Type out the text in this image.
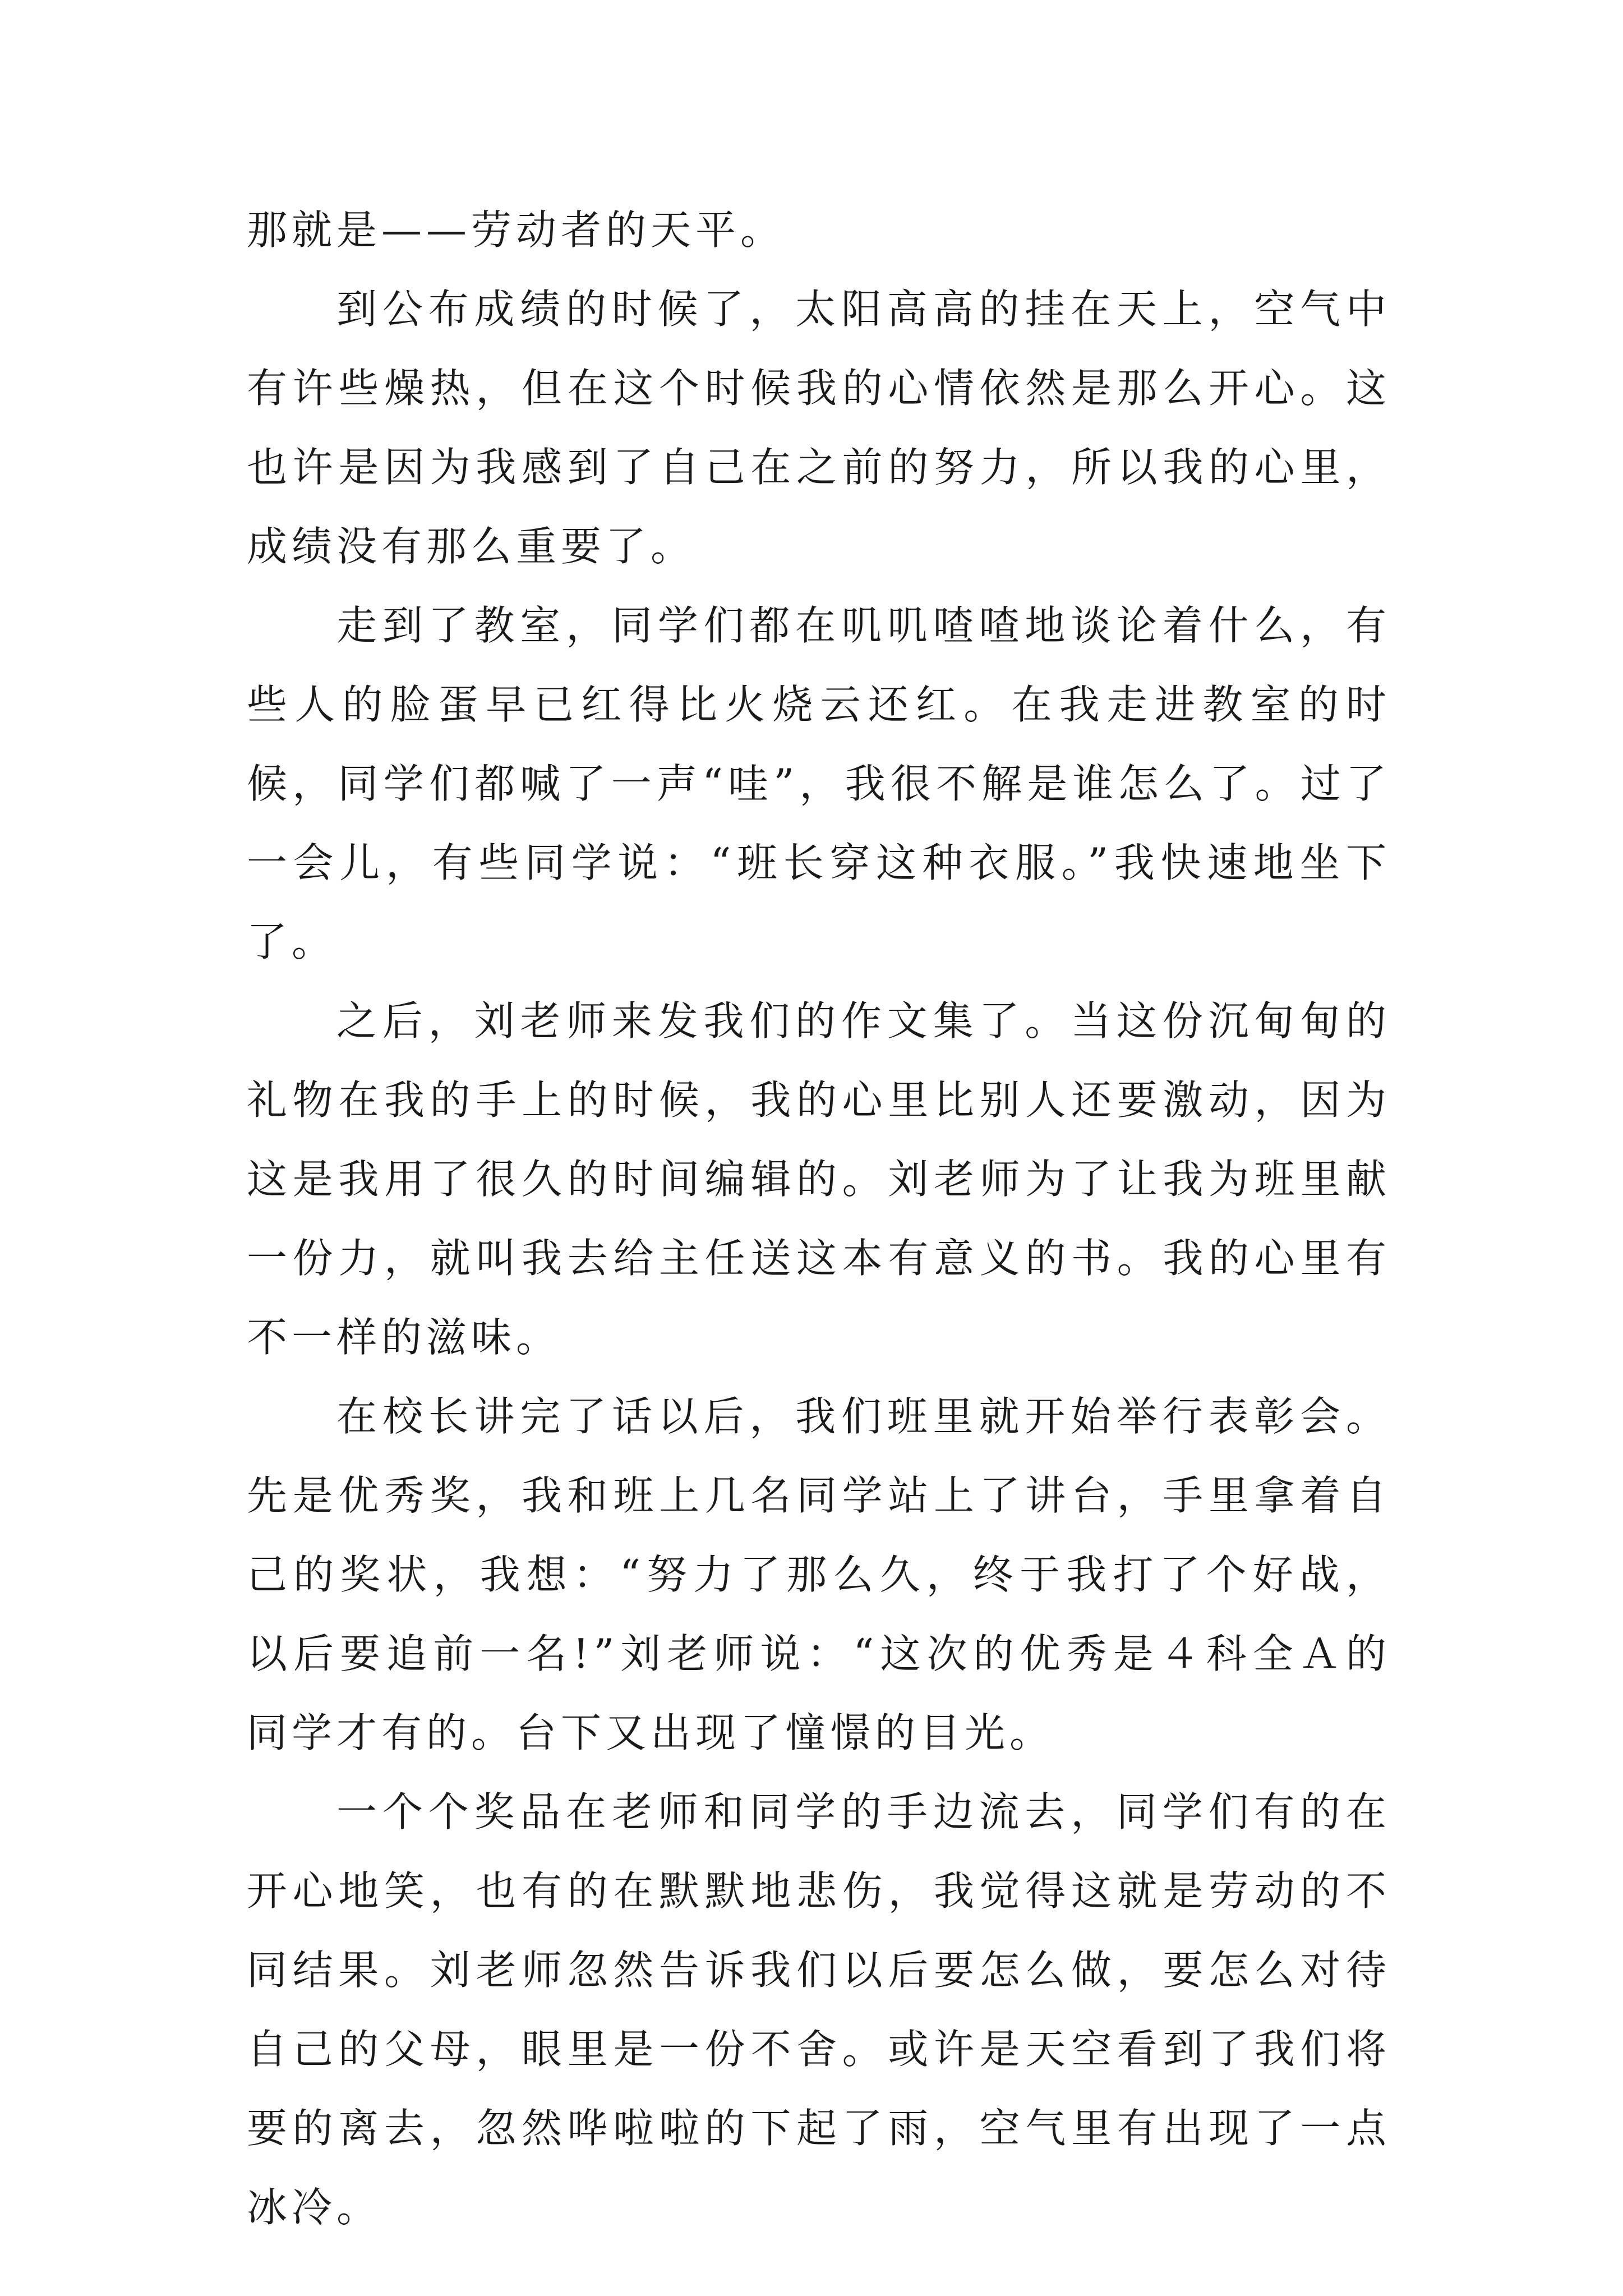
那就是——劳动者的天平。

到公布成绩的时候了，太阳高高的挂在天上，空气中有许些燥热，但在这个时候我的心情依然是那么开心。这也许是因为我感到了自己在之前的努力，所以我的心里，成绩没有那么重要了。

走到了教室，同学们都在叽叽喳喳地谈论着什么，有些人的脸蛋早已红得比火烧云还红。在我走进教室的时候，同学们都喊了一声“哇”，我很不解是谁怎么了。过了一会儿，有些同学说：“班长穿这种衣服。”我快速地坐下了。

之后，刘老师来发我们的作文集了。当这份沉甸甸的礼物在我的手上的时候，我的心里比别人还要激动，因为这是我用了很久的时间编辑的。刘老师为了让我为班里献一份力，就叫我去给主任送这本有意义的书。我的心里有不一样的滋味。

在校长讲完了话以后，我们班里就开始举行表彰会。先是优秀奖，我和班上几名同学站上了讲台，手里拿着自己的奖状，我想：“努力了那么久，终于我打了个好战，以后要追前一名!”刘老师说：“这次的优秀是４科全Ａ的同学才有的。台下又出现了憧憬的目光。

一个个奖品在老师和同学的手边流去，同学们有的在开心地笑，也有的在默默地悲伤，我觉得这就是劳动的不同结果。刘老师忽然告诉我们以后要怎么做，要怎么对待自己的父母，眼里是一份不舍。或许是天空看到了我们将要的离去，忽然哗啦啦的下起了雨，空气里有出现了一点冰冷。
